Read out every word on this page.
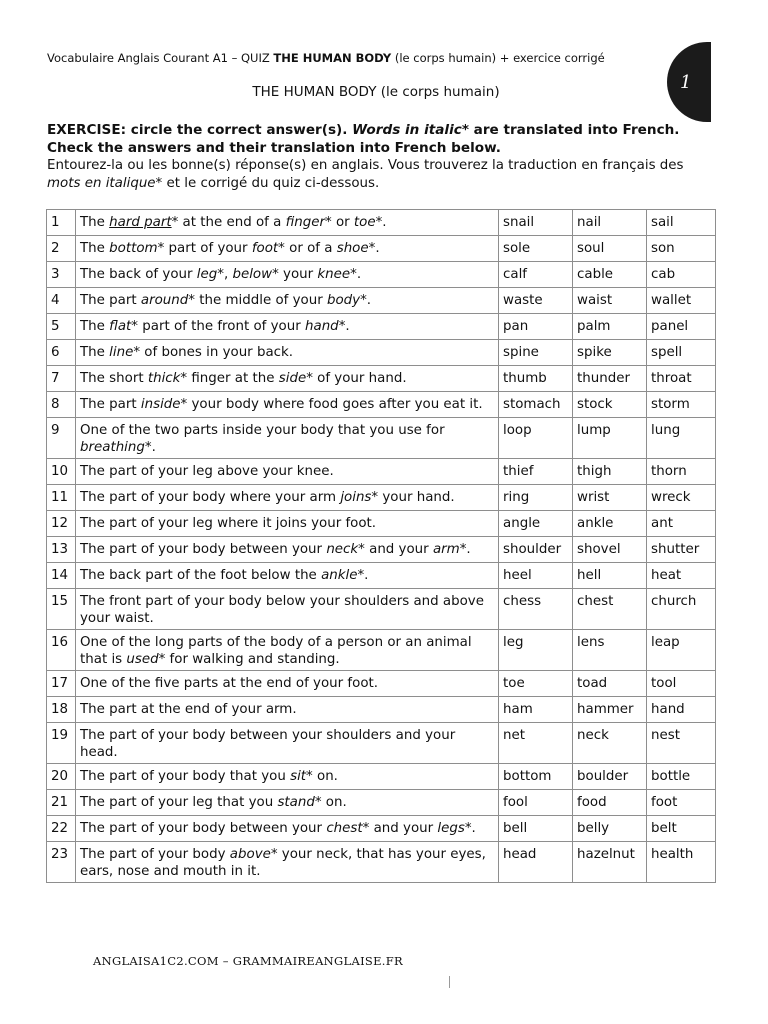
Vocabulaire Anglais Courant A1 – QUIZ THE HUMAN BODY (le corps humain) + exercice corrigé
1
THE HUMAN BODY (le corps humain)
EXERCISE: circle the correct answer(s). Words in italic* are translated into French. Check the answers and their translation into French below.
Entourez-la ou les bonne(s) réponse(s) en anglais. Vous trouverez la traduction en français des mots en italique* et le corrigé du quiz ci-dessous.
1	The hard part* at the end of a finger* or toe*.	snail	nail	sail
2	The bottom* part of your foot* or of a shoe*.	sole	soul	son
3	The back of your leg*, below* your knee*.	calf	cable	cab
4	The part around* the middle of your body*.	waste	waist	wallet
5	The flat* part of the front of your hand*.	pan	palm	panel
6	The line* of bones in your back.	spine	spike	spell
7	The short thick* finger at the side* of your hand.	thumb	thunder	throat
8	The part inside* your body where food goes after you eat it.	stomach	stock	storm
9	One of the two parts inside your body that you use for breathing*.	loop	lump	lung
10	The part of your leg above your knee.	thief	thigh	thorn
11	The part of your body where your arm joins* your hand.	ring	wrist	wreck
12	The part of your leg where it joins your foot.	angle	ankle	ant
13	The part of your body between your neck* and your arm*.	shoulder	shovel	shutter
14	The back part of the foot below the ankle*.	heel	hell	heat
15	The front part of your body below your shoulders and above your waist.	chess	chest	church
16	One of the long parts of the body of a person or an animal that is used* for walking and standing.	leg	lens	leap
17	One of the five parts at the end of your foot.	toe	toad	tool
18	The part at the end of your arm.	ham	hammer	hand
19	The part of your body between your shoulders and your head.	net	neck	nest
20	The part of your body that you sit* on.	bottom	boulder	bottle
21	The part of your leg that you stand* on.	fool	food	foot
22	The part of your body between your chest* and your legs*.	bell	belly	belt
23	The part of your body above* your neck, that has your eyes, ears, nose and mouth in it.	head	hazelnut	health
ANGLAISA1C2.COM – GRAMMAIREANGLAISE.FR
